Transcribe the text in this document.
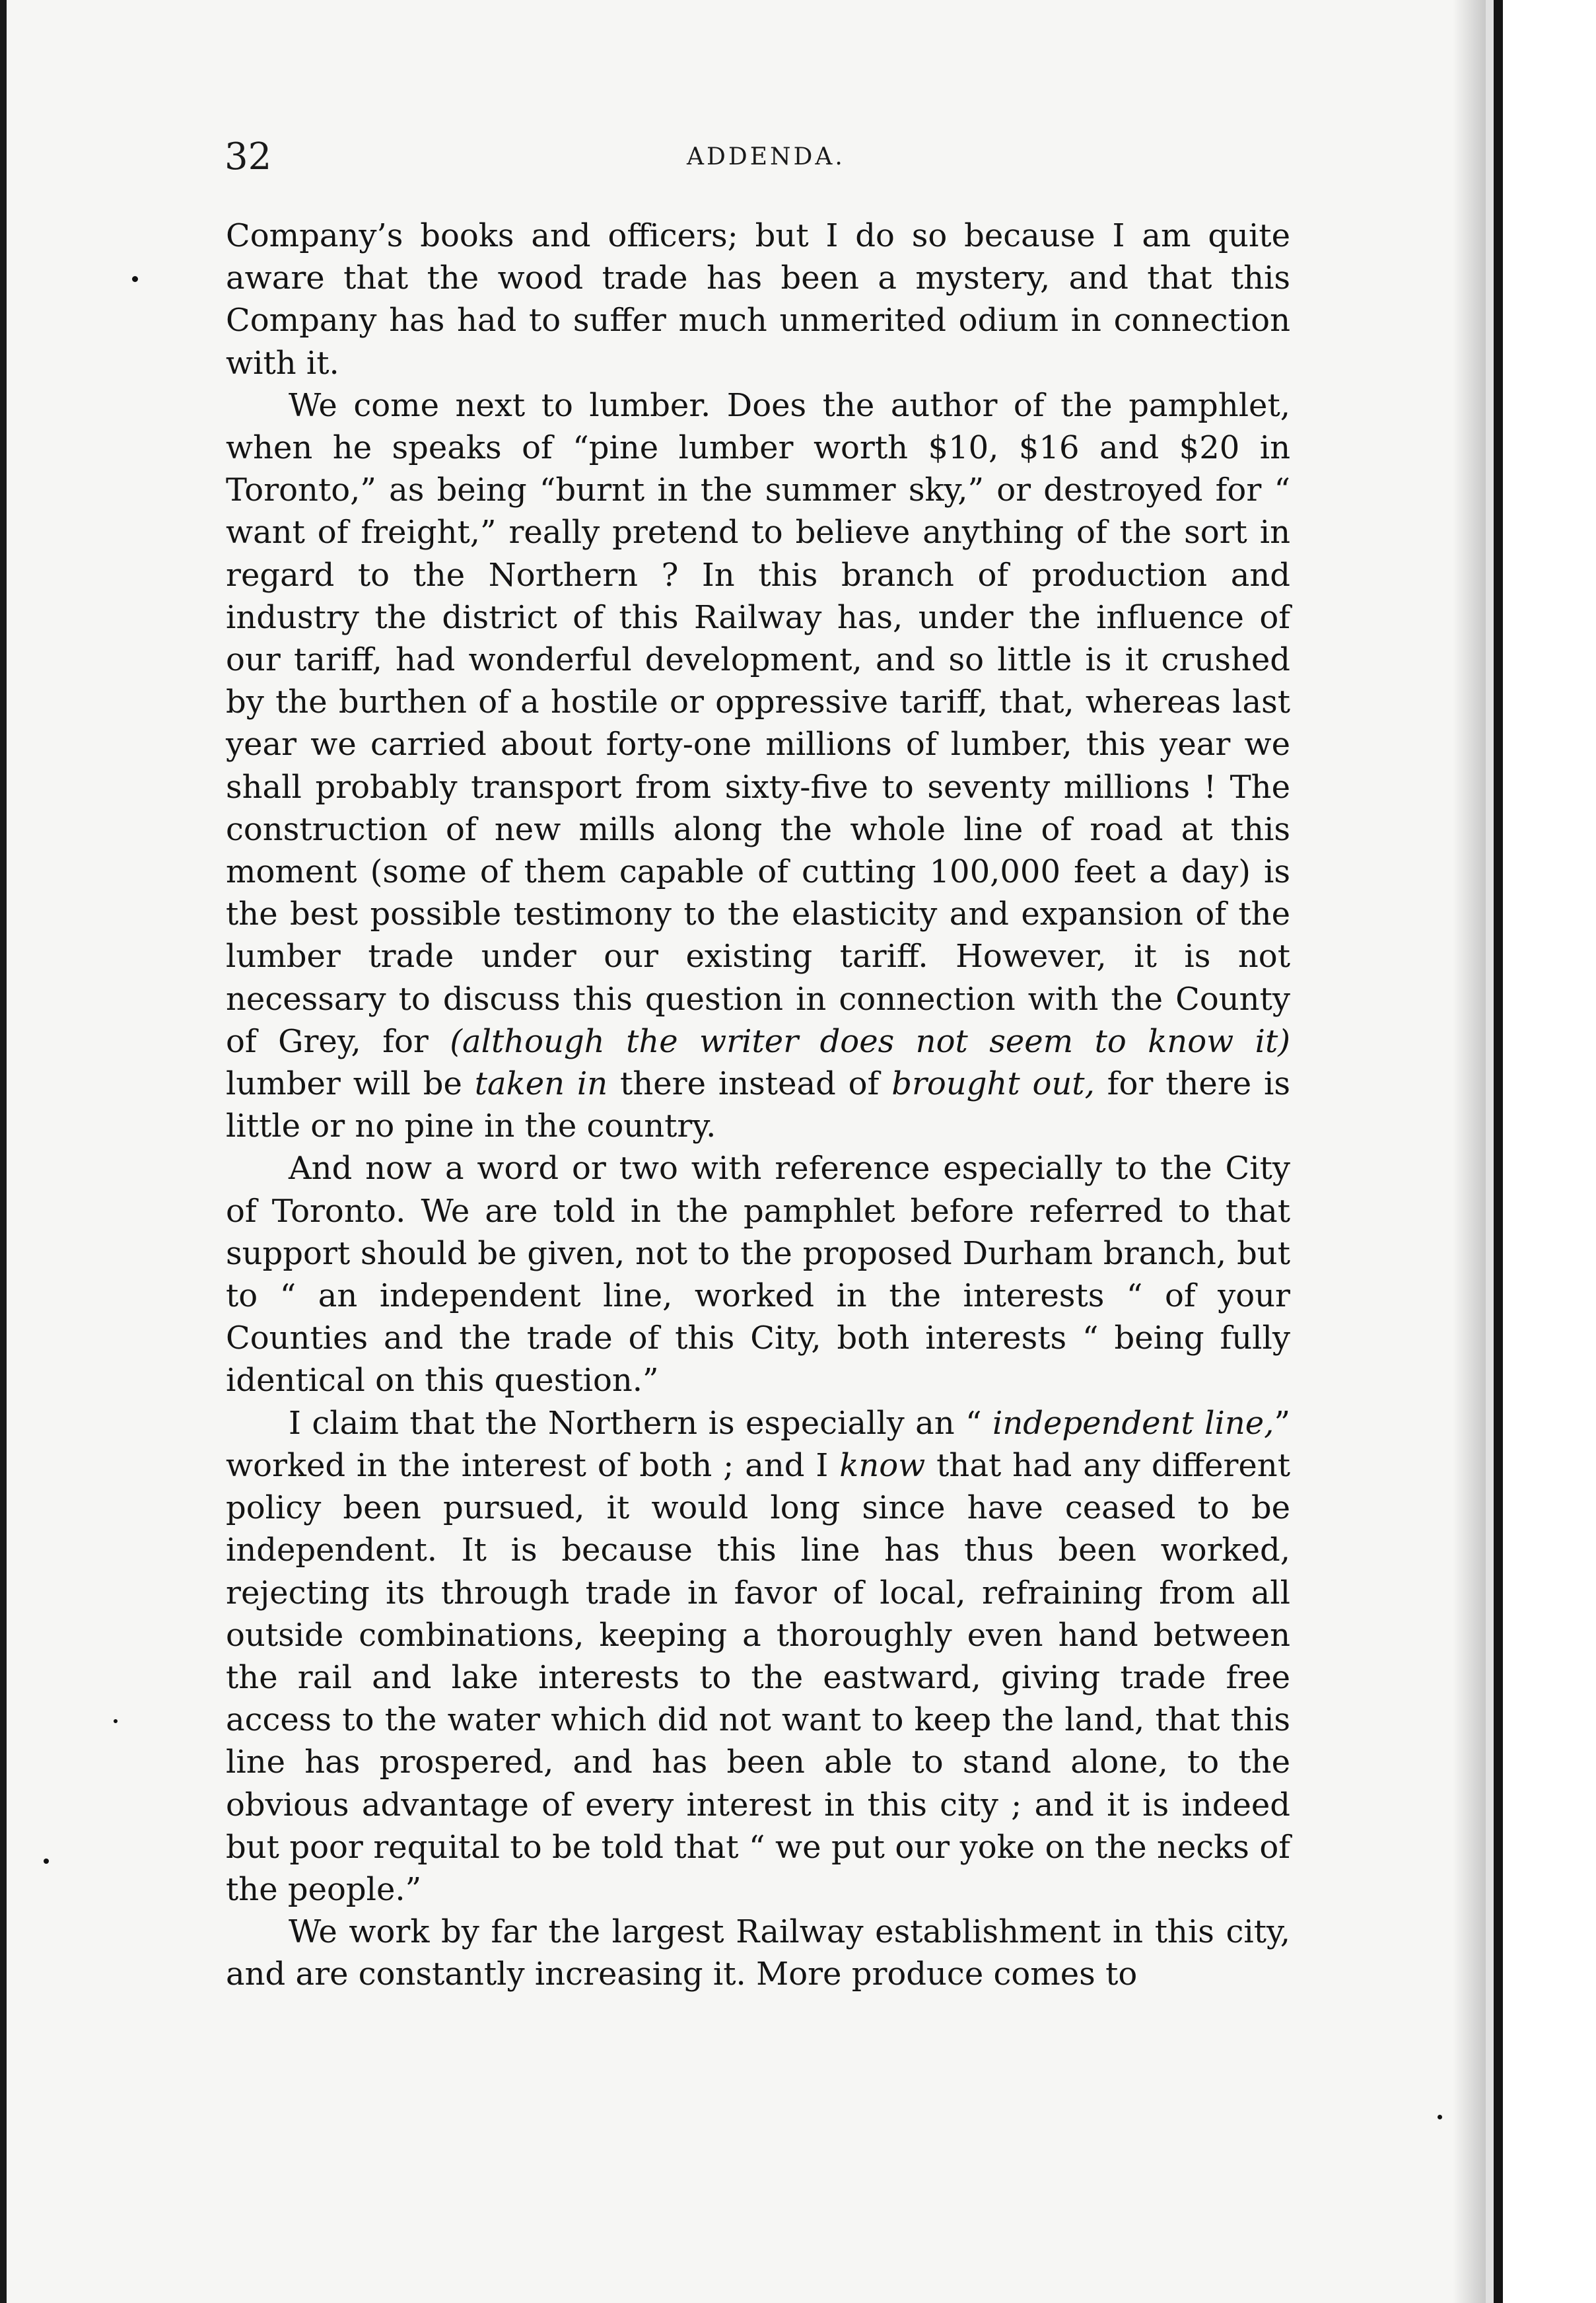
32	ADDENDA.

Company’s books and officers; but I do so because I am quite aware that the wood trade has been a mystery, and that this Company has had to suffer much unmerited odium in connection with it.

We come next to lumber. Does the author of the pamphlet, when he speaks of “pine lumber worth $10, $16 and $20 in Toronto,” as being “burnt in the summer sky,” or destroyed for “ want of freight,” really pretend to believe anything of the sort in regard to the Northern ? In this branch of production and industry the district of this Railway has, under the influence of our tariff, had wonderful development, and so little is it crushed by the burthen of a hostile or oppressive tariff, that, whereas last year we carried about forty-one millions of lumber, this year we shall probably transport from sixty-five to seventy millions ! The construction of new mills along the whole line of road at this moment (some of them capable of cutting 100,000 feet a day) is the best possible testimony to the elasticity and expansion of the lumber trade under our existing tariff. However, it is not necessary to discuss this question in connection with the County of Grey, for (although the writer does not seem to know it) lumber will be taken in there instead of brought out, for there is little or no pine in the country.

And now a word or two with reference especially to the City of Toronto. We are told in the pamphlet before referred to that support should be given, not to the proposed Durham branch, but to “ an independent line, worked in the interests “ of your Counties and the trade of this City, both interests “ being fully identical on this question.”

I claim that the Northern is especially an “ independent line,” worked in the interest of both ; and I know that had any different policy been pursued, it would long since have ceased to be independent. It is because this line has thus been worked, rejecting its through trade in favor of local, refraining from all outside combinations, keeping a thoroughly even hand between the rail and lake interests to the eastward, giving trade free access to the water which did not want to keep the land, that this line has prospered, and has been able to stand alone, to the obvious advantage of every interest in this city ; and it is indeed but poor requital to be told that “ we put our yoke on the necks of the people.”

We work by far the largest Railway establishment in this city, and are constantly increasing it. More produce comes to
